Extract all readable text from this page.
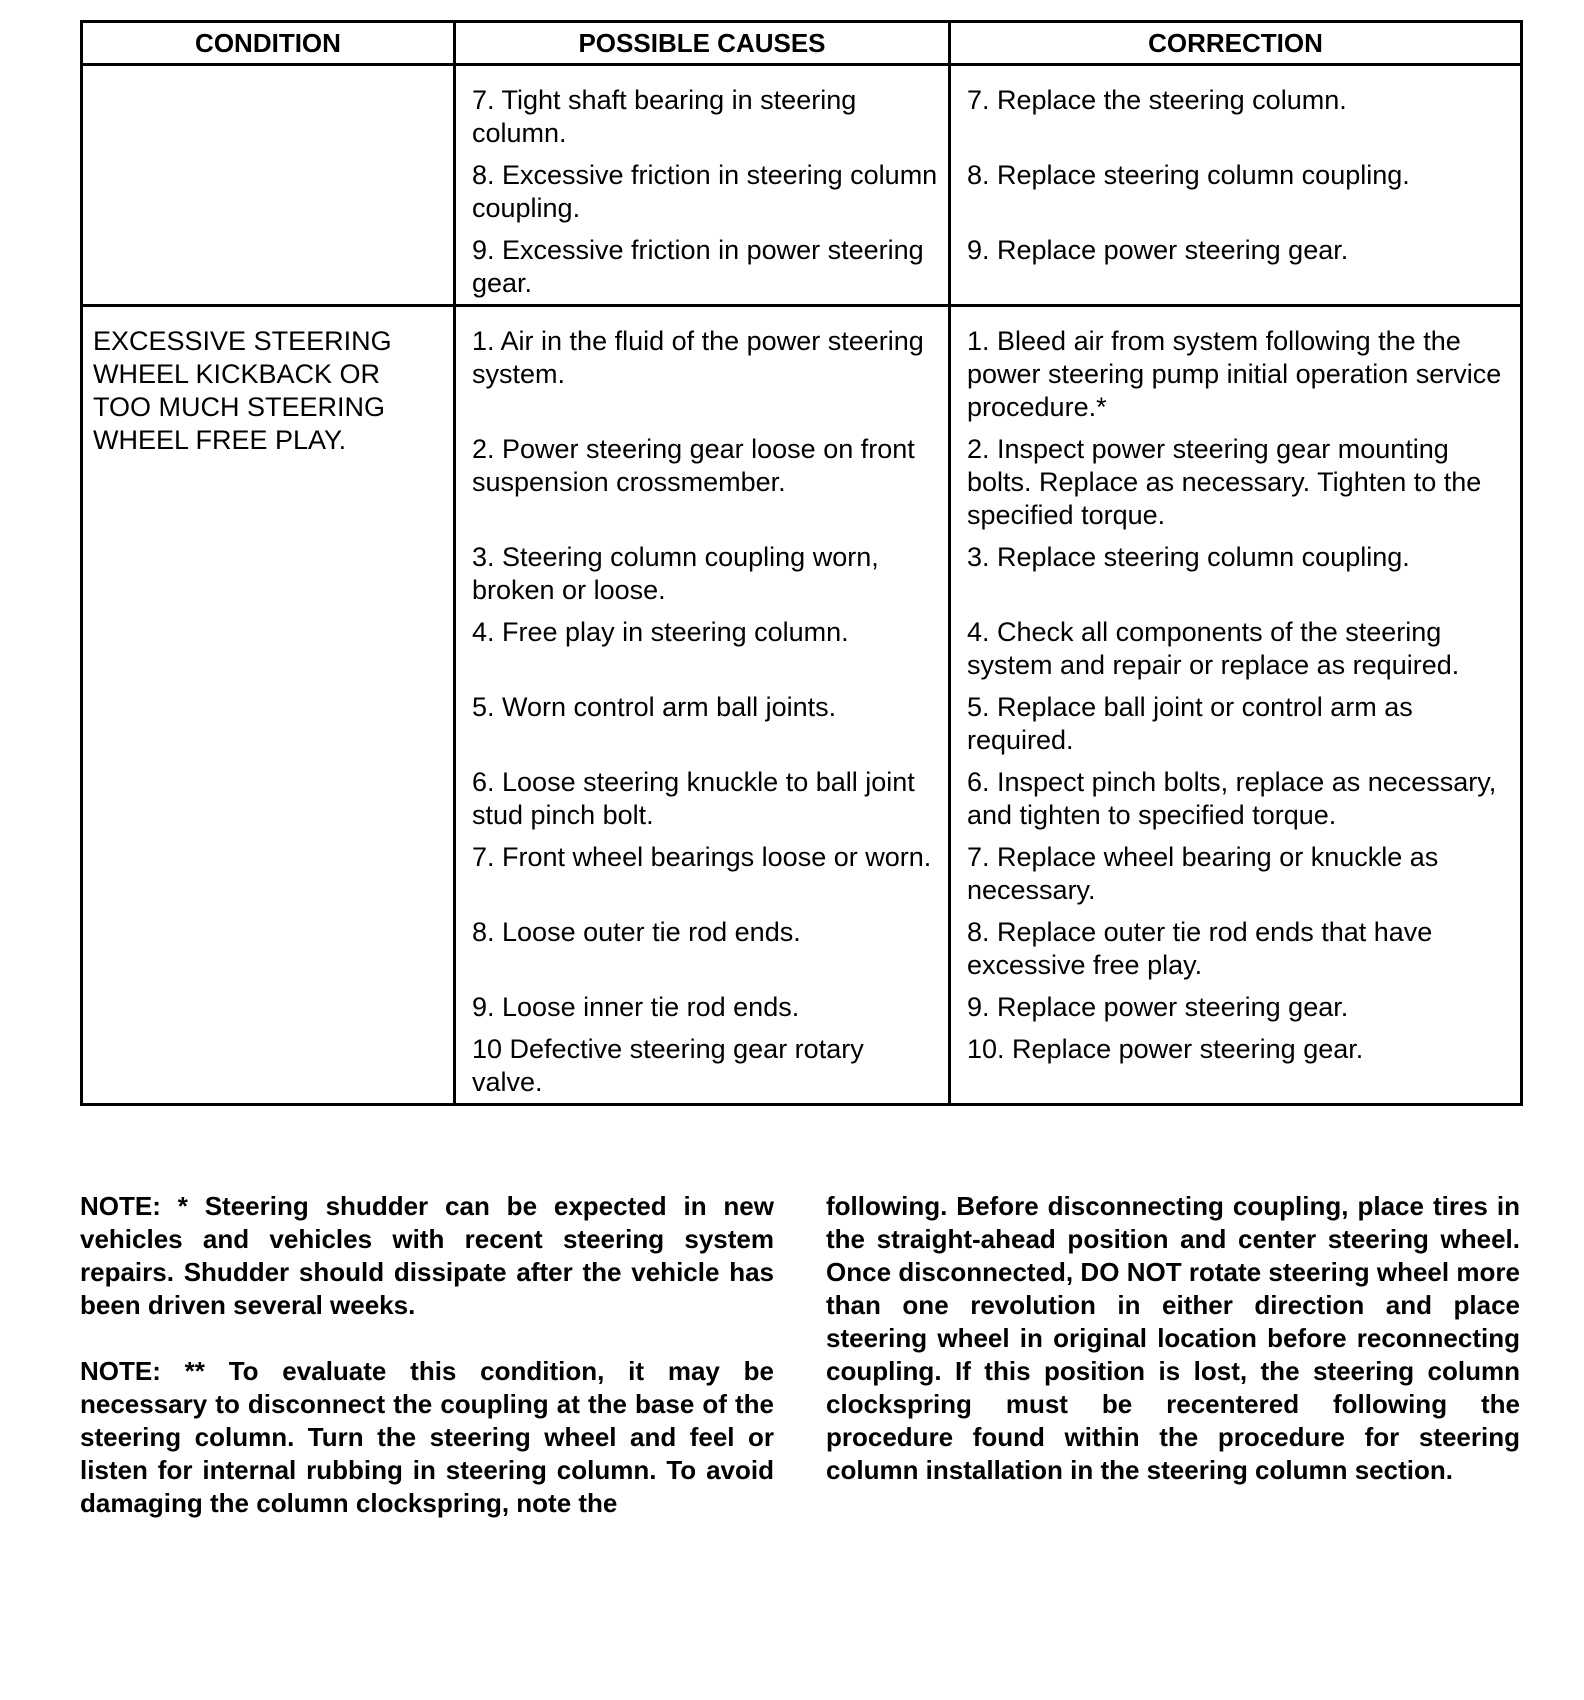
CONDITION	POSSIBLE CAUSES	CORRECTION
	7. Tight shaft bearing in steering column.	7. Replace the steering column.
	8. Excessive friction in steering column coupling.	8. Replace steering column coupling.
	9. Excessive friction in power steering gear.	9. Replace power steering gear.
EXCESSIVE STEERING WHEEL KICKBACK OR TOO MUCH STEERING WHEEL FREE PLAY.	1. Air in the fluid of the power steering system.	1. Bleed air from system following the the power steering pump initial operation service procedure.*
	2. Power steering gear loose on front suspension crossmember.	2. Inspect power steering gear mounting bolts. Replace as necessary. Tighten to the specified torque.
	3. Steering column coupling worn, broken or loose.	3. Replace steering column coupling.
	4. Free play in steering column.	4. Check all components of the steering system and repair or replace as required.
	5. Worn control arm ball joints.	5. Replace ball joint or control arm as required.
	6. Loose steering knuckle to ball joint stud pinch bolt.	6. Inspect pinch bolts, replace as necessary, and tighten to specified torque.
	7. Front wheel bearings loose or worn.	7. Replace wheel bearing or knuckle as necessary.
	8. Loose outer tie rod ends.	8. Replace outer tie rod ends that have excessive free play.
	9. Loose inner tie rod ends.	9. Replace power steering gear.
	10 Defective steering gear rotary valve.	10. Replace power steering gear.

NOTE: * Steering shudder can be expected in new vehicles and vehicles with recent steering system repairs. Shudder should dissipate after the vehicle has been driven several weeks.

NOTE: ** To evaluate this condition, it may be necessary to disconnect the coupling at the base of the steering column. Turn the steering wheel and feel or listen for internal rubbing in steering column. To avoid damaging the column clockspring, note the

following. Before disconnecting coupling, place tires in the straight-ahead position and center steering wheel. Once disconnected, DO NOT rotate steering wheel more than one revolution in either direction and place steering wheel in original location before reconnecting coupling. If this position is lost, the steering column clockspring must be recentered following the procedure found within the procedure for steering column installation in the steering column section.
